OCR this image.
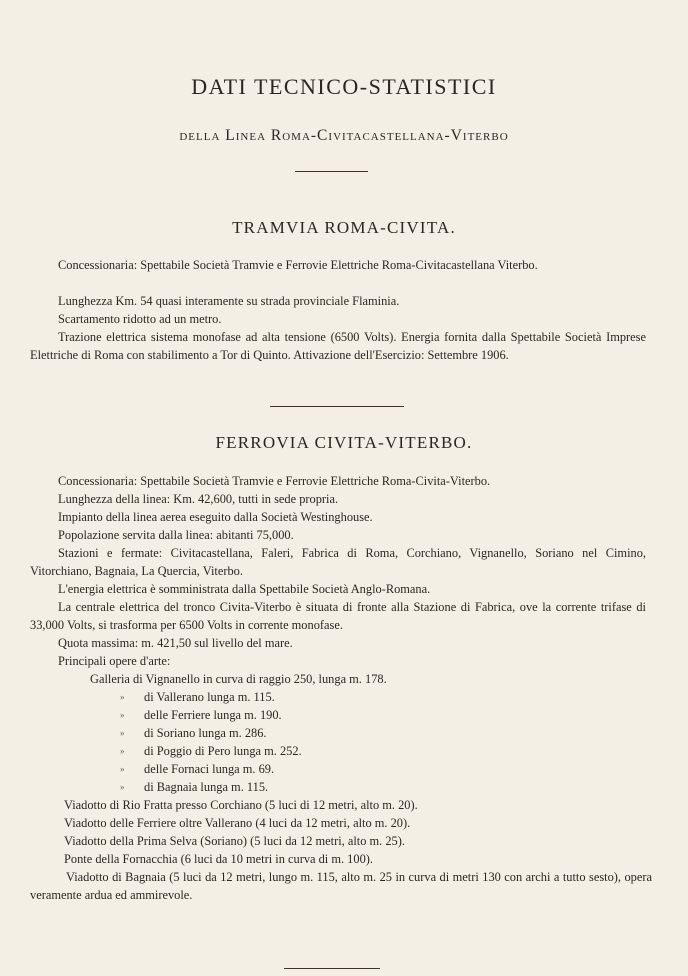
DATI TECNICO-STATISTICI
della Linea Roma-Civitacastellana-Viterbo
TRAMVIA ROMA-CIVITA.

Concessionaria: Spettabile Società Tramvie e Ferrovie Elettriche Roma-Civitacastellana Viterbo.

Lunghezza Km. 54 quasi interamente su strada provinciale Flaminia.

Scartamento ridotto ad un metro.

Trazione elettrica sistema monofase ad alta tensione (6500 Volts). Energia fornita dalla Spettabile Società Imprese Elettriche di Roma con stabilimento a Tor di Quinto. Attivazione dell'Esercizio: Settembre 1906.

FERROVIA CIVITA-VITERBO.

Concessionaria: Spettabile Società Tramvie e Ferrovie Elettriche Roma-Civita-Viterbo.

Lunghezza della linea: Km. 42,600, tutti in sede propria.

Impianto della linea aerea eseguito dalla Società Westinghouse.

Popolazione servita dalla linea: abitanti 75,000.

Stazioni e fermate: Civitacastellana, Faleri, Fabrica di Roma, Corchiano, Vignanello, Soriano nel Cimino, Vitorchiano, Bagnaia, La Quercia, Viterbo.

L'energia elettrica è somministrata dalla Spettabile Società Anglo-Romana.

La centrale elettrica del tronco Civita-Viterbo è situata di fronte alla Stazione di Fabrica, ove la corrente trifase di 33,000 Volts, si trasforma per 6500 Volts in corrente monofase.

Quota massima: m. 421,50 sul livello del mare.

Principali opere d'arte:

Galleria di Vignanello in curva di raggio 250, lunga m. 178.

» di Vallerano lunga m. 115.

» delle Ferriere lunga m. 190.

» di Soriano lunga m. 286.

» di Poggio di Pero lunga m. 252.

» delle Fornaci lunga m. 69.

» di Bagnaia lunga m. 115.

Viadotto di Rio Fratta presso Corchiano (5 luci di 12 metri, alto m. 20).

Viadotto delle Ferriere oltre Vallerano (4 luci da 12 metri, alto m. 20).

Viadotto della Prima Selva (Soriano) (5 luci da 12 metri, alto m. 25).

Ponte della Fornacchia (6 luci da 10 metri in curva di m. 100).

Viadotto di Bagnaia (5 luci da 12 metri, lungo m. 115, alto m. 25 in curva di metri 130 con archi a tutto sesto), opera veramente ardua ed ammirevole.
